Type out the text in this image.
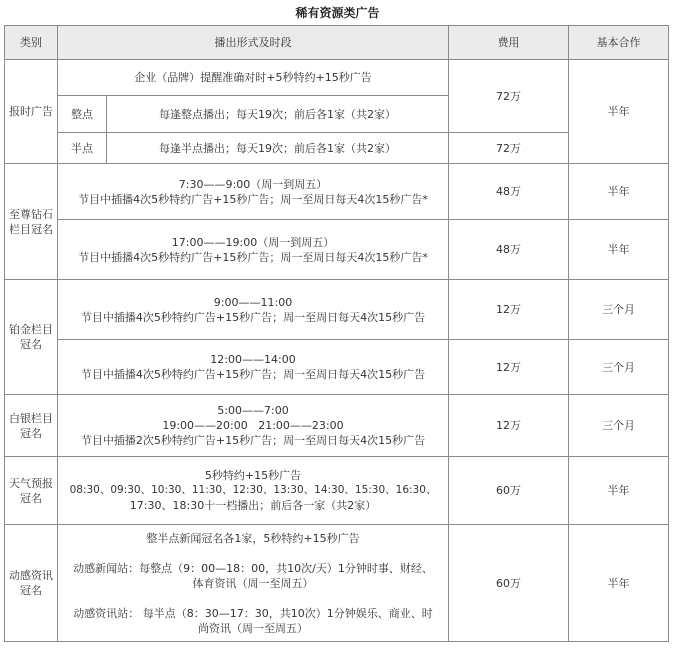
稀有资源类广告
类别	播出形式及时段		费用	基本合作
报时广告	企业（品牌）提醒准确对时+5秒特约+15秒广告		72万	半年
	整点	每逢整点播出；每天19次；前后各1家（共2家）		
	半点	每逢半点播出；每天19次；前后各1家（共2家）	72万	
至尊钻石栏目冠名	7:30——9:00（周一到周五）
节目中插播4次5秒特约广告+15秒广告；周一至周日每天4次15秒广告*		48万	半年

	17:00——19:00（周一到周五）
节目中插播4次5秒特约广告+15秒广告；周一至周日每天4次15秒广告*		48万	半年
铂金栏目冠名	9:00——11:00
节目中插播4次5秒特约广告+15秒广告；周一至周日每天4次15秒广告		12万	三个月

	12:00——14:00
节目中插播4次5秒特约广告+15秒广告；周一至周日每天4次15秒广告		12万	三个月
白银栏目冠名	5:00——7:00
19:00——20:00   21:00——23:00
节目中插播2次5秒特约广告+15秒广告；周一至周日每天4次15秒广告		12万	三个月
天气预报冠名	5秒特约+15秒广告
08:30、09:30、10:30、11:30、12:30、13:30、14:30、15:30、16:30、
17:30、18:30十一档播出；前后各一家（共2家）		60万	半年
动感资讯冠名	整半点新闻冠名各1家，5秒特约+15秒广告
动感新闻站：每整点（9：00—18：00，共10次/天）1分钟时事、财经、
体育资讯（周一至周五）
动感资讯站： 每半点（8：30—17：30，共10次）1分钟娱乐、商业、时
尚资讯（周一至周五）		60万	半年
